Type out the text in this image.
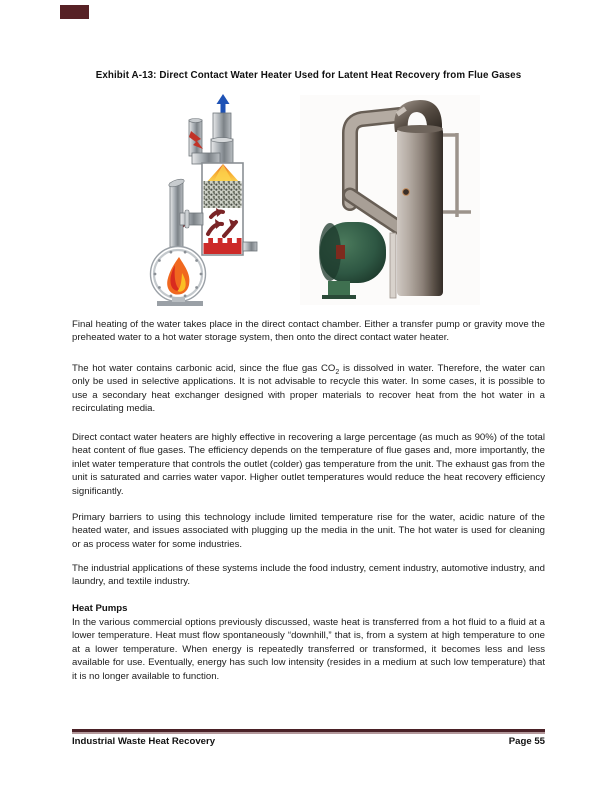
Exhibit A-13: Direct Contact Water Heater Used for Latent Heat Recovery from Flue Gases
Final heating of the water takes place in the direct contact chamber. Either a transfer pump or gravity move the preheated water to a hot water storage system, then onto the direct contact water heater.
The hot water contains carbonic acid, since the flue gas $CO_2$ is dissolved in water. Therefore, the water can only be used in selective applications. It is not advisable to recycle this water. In some cases, it is possible to use a secondary heat exchanger designed with proper materials to recover heat from the hot water in a recirculating media.
Direct contact water heaters are highly effective in recovering a large percentage (as much as 90%) of the total heat content of flue gases. The efficiency depends on the temperature of flue gases and, more importantly, the inlet water temperature that controls the outlet (colder) gas temperature from the unit. The exhaust gas from the unit is saturated and carries water vapor. Higher outlet temperatures would reduce the heat recovery efficiency significantly.
Primary barriers to using this technology include limited temperature rise for the water, acidic nature of the heated water, and issues associated with plugging up the media in the unit. The hot water is used for cleaning or as process water for some industries.
The industrial applications of these systems include the food industry, cement industry, automotive industry, and laundry, and textile industry.
Heat Pumps
In the various commercial options previously discussed, waste heat is transferred from a hot fluid to a fluid at a lower temperature. Heat must flow spontaneously “downhill,” that is, from a system at high temperature to one at a lower temperature. When energy is repeatedly transferred or transformed, it becomes less and less available for use. Eventually, energy has such low intensity (resides in a medium at such low temperature) that it is no longer available to function.
Industrial Waste Heat Recovery	Page 55
